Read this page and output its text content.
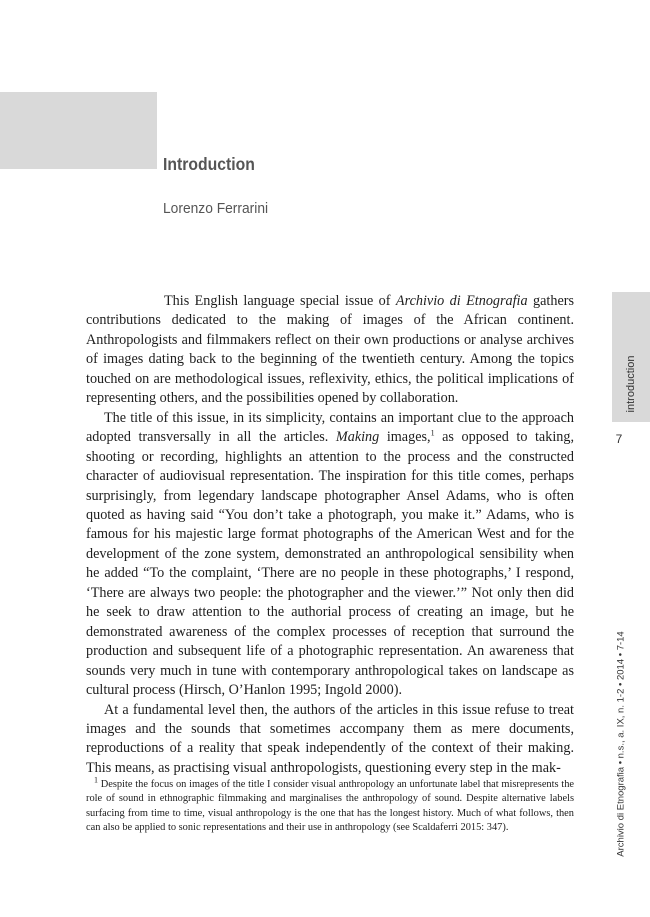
Introduction
Lorenzo Ferrarini

This English language special issue of Archivio di Etnografia gathers contributions dedicated to the making of images of the African continent. Anthropologists and filmmakers reflect on their own productions or analyse archives of images dating back to the beginning of the twentieth century. Among the topics touched on are methodological issues, reflexivity, ethics, the political implications of representing others, and the possibilities opened by collaboration.

The title of this issue, in its simplicity, contains an important clue to the approach adopted transversally in all the articles. Making images,$^1$ as opposed to taking, shooting or recording, highlights an attention to the process and the constructed character of audiovisual representation. The inspiration for this title comes, perhaps surprisingly, from legendary landscape photographer Ansel Adams, who is often quoted as having said “You don’t take a photograph, you make it.” Adams, who is famous for his majestic large format photographs of the American West and for the development of the zone system, demonstrated an anthropological sensibility when he added “To the complaint, ‘There are no people in these photographs,’ I respond, ‘There are always two people: the photographer and the viewer.’” Not only then did he seek to draw attention to the authorial process of creating an image, but he demonstrated awareness of the complex processes of reception that surround the production and subsequent life of a photographic representation. An awareness that sounds very much in tune with contemporary anthropological takes on landscape as cultural process (Hirsch, O’Hanlon 1995; Ingold 2000).

At a fundamental level then, the authors of the articles in this issue refuse to treat images and the sounds that sometimes accompany them as mere documents, reproductions of a reality that speak independently of the context of their making. This means, as practising visual anthropologists, questioning every step in the mak-

$^1$ Despite the focus on images of the title I consider visual anthropology an unfortunate label that misrepresents the role of sound in ethnographic filmmaking and marginalises the anthropology of sound. Despite alternative labels surfacing from time to time, visual anthropology is the one that has the longest history. Much of what follows, then can also be applied to sonic representations and their use in anthropology (see Scaldaferri 2015: 347).

introduction
7
Archivio di Etnografia • n.s., a. IX, n. 1-2 • 2014 • 7-14
